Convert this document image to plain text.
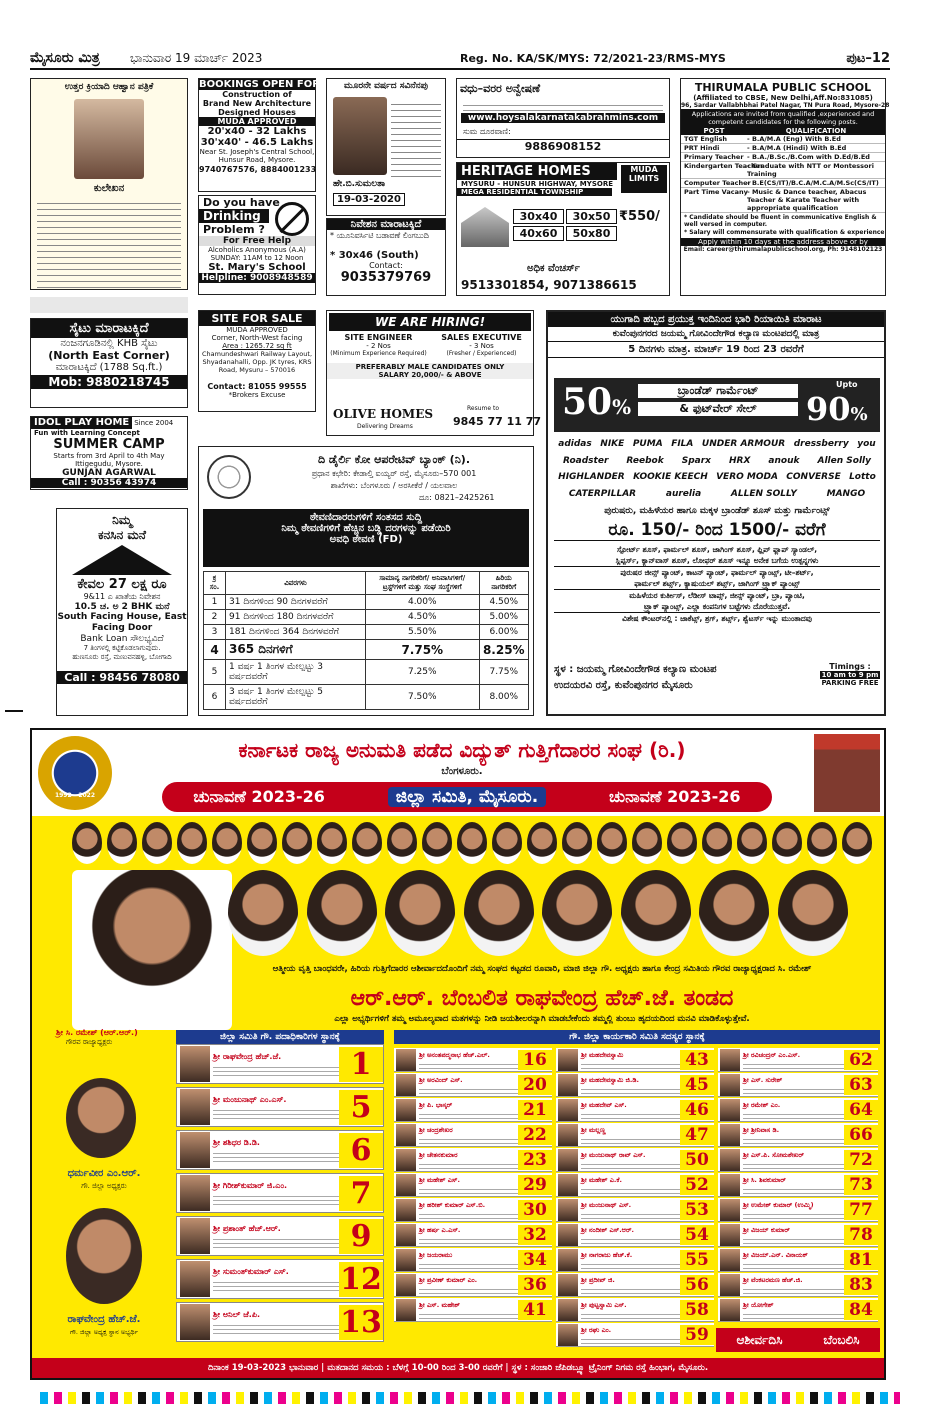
ಮೈಸೂರು ಮಿತ್ರ	ಭಾನುವಾರ 19 ಮಾರ್ಚ್ 2023	Reg. No. KA/SK/MYS: 72/2021-23/RMS-MYS	ಪುಟ–12
ಉತ್ತರ ಕ್ರಿಯಾದಿ ಆಹ್ವಾನ ಪತ್ರಿಕೆ
ಕುಲೇಖನ
BOOKINGS OPEN FOR
Construction of
Brand New Architecture
Designed Houses
MUDA APPROVED
20'x40 - 32 Lakhs
30'x40' - 46.5 Lakhs
Near St. Joseph's Central School, Hunsur Road, Mysore.
9740767576, 8884001233
Do you have
Drinking
Problem ?
For Free Help
Alcoholics Anonymous (A.A)
SUNDAY: 11AM to 12 Noon
St. Mary's School
Helpline: 9008948589
ಮೂರನೇ ವರ್ಷದ ಸವಿನೆನಪು
ಹೇ.ಬಿ.ಸುಮಲತಾ
19-03-2020
ನಿವೇಶನ ಮಾರಾಟಕ್ಕಿದೆ
* ಯೂನಿವರ್ಸಿಟಿ ಬಡಾವಣೆ ಲಿಂಗಬುದಿ
* 30x46 (South)
Contact:
9035379769
ವಧು–ವರರ ಅನ್ವೇಷಣೆ
www.hoysalakarnatakabrahmins.com
ಸುಮ ದೂರವಾಣಿ:
9886908152
HERITAGE HOMES	MUDA LIMITS
MYSURU - HUNSUR HIGHWAY, MYSORE
MEGA RESIDENTIAL TOWNSHIP
30x40	30x50
40x60	50x80
₹550/
ಅಧಿಕ ವೆಂಚರ್ಸ್
9513301854, 9071386615
THIRUMALA PUBLIC SCHOOL
(Affiliated to CBSE, New Delhi,Aff.No:831085)
96, Sardar Vallabhbhai Patel Nagar, TN Pura Road, Mysore-28
Applications are invited from qualified ,experienced and competent candidates for the following posts.
POST	QUALIFICATION
TGT English	- B.A/M.A (Eng) With B.Ed
PRT Hindi	- B.A/M.A (Hindi) With B.Ed
Primary Teacher - B.A./B.Sc./B.Com with D.Ed/B.Ed
Kindergarten Teacher
- Graduate with NTT or Montessori Training
Computer Teacher
- B.E(CS/IT)/B.C.A/M.C.A/M.Sc(CS/IT)
Part Time Vacany - Music & Dance teacher, Abacus Teacher & Karate Teacher with appropriate qualification
* Candidate should be fluent in communicative English & well versed in computer.
* Salary will commensurate with qualification & experience
Apply within 10 days at the address above or by
Email: career@thirumalapublicschool.org, Ph: 9148102123
ಸೈಟು ಮಾರಾಟಕ್ಕಿದೆ
ನಂಜನಗೂಡಿನಲ್ಲಿ KHB ಸೈಟು
(North East Corner)
ಮಾರಾಟಕ್ಕಿದೆ (1788 Sq.ft.)
Mob: 9880218745
IDOL PLAY HOME Since 2004
Fun with Learning Concept
SUMMER CAMP
Starts from 3rd April to 4th May
Ittigegudu, Mysore.
GUNJAN AGARWAL
Call : 90356 43974
ನಿಮ್ಮ
ಕನಸಿನ ಮನೆ
ಕೇವಲ 27 ಲಕ್ಷ ರೂ
9&11 ಎ ಖಾತೆಯ ನಿವೇಶನ
10.5 ಚ. ಅ 2 BHK ಮನೆ
South Facing House, East Facing Door
Bank Loan ಸೌಲಭ್ಯವಿದೆ
7 ತಿಂಗಳಲ್ಲಿ ಕಟ್ಟಿಕೊಡಲಾಗುವುದು.
ಹುಣಸೂರು ರಸ್ತೆ, ಮಣುವನಹಳ್ಳಿ, ಬೋಗಾದಿ
Call : 98456 78080
SITE FOR SALE
MUDA APPROVED
Corner, North-West facing
Area : 1265.72 sq ft
Chamundeshwari Railway Layout, Shyadanahalli, Opp. JK tyres, KRS Road, Mysuru – 570016
Contact: 81055 99555
*Brokers Excuse
WE ARE HIRING!
SITE ENGINEER
- 2 Nos
(Minimum Experience Required)
SALES EXECUTIVE
- 3 Nos
(Fresher / Experienced)
PREFERABLY MALE CANDIDATES ONLY
SALARY 20,000/- & ABOVE
OLIVE HOMES
Delivering Dreams
Resume to
9845 77 11 77
ದಿ ಡೈರ್ಲಿ ಕೋ ಆಪರೇಟಿವ್ ಬ್ಯಾಂಕ್ (ನಿ).
ಪ್ರಧಾನ ಕಛೇರಿ: ಕೇಡಾಲ್ತಿ ಐಯ್ಯರ್ ರಸ್ತೆ, ಮೈಸೂರು–570 001
ಶಾಖೆಗಳು: ಬೆಂಗಳೂರು / ಅರಸೀಕೆರೆ / ಯಲವಾಲ
ದೂ: 0821–2425261
ಠೇವಣಿದಾರರುಗಳಿಗೆ ಸಂತಸದ ಸುದ್ದಿ
ನಿಮ್ಮ ಠೇವಣಿಗಳಿಗೆ ಹೆಚ್ಚಿನ ಬಡ್ಡಿ ದರಗಳನ್ನು ಪಡೆಯಿರಿ
ಅವಧಿ ಠೇವಣಿ (FD)
ಕ್ರ ಸಂ.	ವಿವರಗಳು	ಸಾಮಾನ್ಯ ನಾಗರಿಕರಿಗೆ/ ಅನಿವಾಸಿಗಳಿಗೆ/ಟ್ರಸ್ಟ್‌ಗಳಿಗೆ ಮತ್ತು ಸಂಘ ಸಂಸ್ಥೆಗಳಿಗೆ	ಹಿರಿಯ ನಾಗರಿಕರಿಗೆ
1	31 ದಿನಗಳಿಂದ 90 ದಿನಗಳವರೆಗೆ	4.00%	4.50%
2	91 ದಿನಗಳಿಂದ 180 ದಿನಗಳವರೆಗೆ	4.50%	5.00%
3	181 ದಿನಗಳಿಂದ 364 ದಿನಗಳವರೆಗೆ	5.50%	6.00%
4	365 ದಿನಗಳಿಗೆ	7.75%	8.25%
5	1 ವರ್ಷ 1 ತಿಂಗಳ ಮೇಲ್ಪಟ್ಟು 3 ವರ್ಷದವರೆಗೆ	7.25%	7.75%
6	3 ವರ್ಷ 1 ತಿಂಗಳ ಮೇಲ್ಪಟ್ಟು 5 ವರ್ಷದವರೆಗೆ	7.50%	8.00%
ಯುಗಾದಿ ಹಬ್ಬದ ಪ್ರಯುಕ್ತ ಇಂದಿನಿಂದ ಭಾರಿ ರಿಯಾಯಿತಿ ಮಾರಾಟ
ಕುವೆಂಪುನಗರದ ಜಯಮ್ಮ ಗೋವಿಂದೇಗೌಡ ಕಲ್ಯಾಣ ಮಂಟಪದಲ್ಲಿ ಮಾತ್ರ
5 ದಿನಗಳು ಮಾತ್ರ. ಮಾರ್ಚ್ 19 ರಿಂದ 23 ರವರೆಗೆ
50%
ಬ್ರಾಂಡೆಡ್ ಗಾರ್ಮೆಂಟ್
& ಫುಟ್‌ವೇರ್ ಸೇಲ್
Upto
90%
adidas NIKE PUMA FILA UNDER ARMOUR dressberry you
Roadster	Reebok	Sparx	HRX	anouk	Allen Solly
HIGHLANDER KOOKIE KEECH VERO MODA CONVERSE Lotto
CATERPILLAR	aurelia	ALLEN SOLLY	MANGO
ಪುರುಷರು, ಮಹಿಳೆಯರ ಹಾಗೂ ಮಕ್ಕಳ ಬ್ರಾಂಡೆಡ್ ಶೂಸ್ ಮತ್ತು ಗಾರ್ಮೆಂಟ್ಸ್
ರೂ. 150/- ರಿಂದ 1500/- ವರೆಗೆ
ಸ್ಪೋರ್ಟ್ ಶೂಸ್, ಫಾರ್ಮಲ್ ಶೂಸ್, ಜಾಗಿಂಗ್ ಶೂಸ್, ಫ್ಲಿಪ್ ಫ್ಲಾಪ್ ಸ್ಯಾಂಡಲ್,
ಸ್ಲಿಪ್ಪರ್ಸ್, ಕ್ಯಾನ್‌ವಾಸ್ ಶೂಸ್, ಲೋಫರ್ ಶೂಸ್ ಇನ್ನೂ ಅನೇಕ ಬಗೆಯ ಉತ್ಪನ್ನಗಳು
ಪುರುಷರ ಜೀನ್ಸ್ ಪ್ಯಾಂಟ್, ಕಾಟನ್ ಪ್ಯಾಂಟ್, ಫಾರ್ಮಲ್ ಪ್ಯಾಂಟ್ಸ್, ಟೀ–ಶರ್ಟ್,
ಫಾರ್ಮಲ್ ಶರ್ಟ್ಸ್, ಕ್ಯಾಷುಯಲ್ ಶರ್ಟ್ಸ್, ಜಾಗಿಂಗ್ ಟ್ರ್ಯಾಕ್ ಪ್ಯಾಂಟ್ಸ್
ಮಹಿಳೆಯರ ಕುರ್ತೀಸ್, ಲೆಡೀಸ್ ಟಾಪ್ಸ್, ಜೀನ್ಸ್ ಪ್ಯಾಂಟ್, ಬ್ರಾ, ಪ್ಯಾಂಟಿ,
ಟ್ರ್ಯಾಕ್ ಪ್ಯಾಂಟ್ಸ್, ಎಲ್ಲಾ ಕಂಪನಿಗಳ ಬಟ್ಟೆಗಳು ದೊರೆಯುತ್ತವೆ.
ವಿಶೇಷ ಕೌಂಟರ್‌ನಲ್ಲಿ : ಜಾಕೆಟ್ಸ್, ಶ್ರಗ್, ಶರ್ಟ್ಸ್, ಶ್ವೆಟರ್ಸ್ ಇನ್ನು ಮುಂತಾದವು
ಸ್ಥಳ : ಜಯಮ್ಮ ಗೋವಿಂದೇಗೌಡ ಕಲ್ಯಾಣ ಮಂಟಪ
ಉದಯರವಿ ರಸ್ತೆ, ಕುವೆಂಪುನಗರ ಮೈಸೂರು
Timings :
10 am to 9 pm
PARKING FREE
1992 - 2022
ಕರ್ನಾಟಕ ರಾಜ್ಯ ಅನುಮತಿ ಪಡೆದ ವಿದ್ಯುತ್ ಗುತ್ತಿಗೆದಾರರ ಸಂಘ (ರಿ.)
ಬೆಂಗಳೂರು.
ಚುನಾವಣೆ 2023-26	ಜಿಲ್ಲಾ ಸಮಿತಿ, ಮೈಸೂರು.	ಚುನಾವಣೆ 2023-26
ಆತ್ಮೀಯ ವೃತ್ತಿ ಬಾಂಧವರೇ, ಹಿರಿಯ ಗುತ್ತಿಗೆದಾರರ ಆಶೀರ್ವಾದದೊಂದಿಗೆ ನಮ್ಮ ಸಂಘದ ಕಟ್ಟಡದ ರೂವಾರಿ, ಮಾಜಿ ಜಿಲ್ಲಾ ಗೌ. ಅಧ್ಯಕ್ಷರು ಹಾಗೂ ಕೇಂದ್ರ ಸಮಿತಿಯ ಗೌರವ ರಾಜ್ಯಾಧ್ಯಕ್ಷರಾದ ಸಿ. ರಮೇಶ್
ಆರ್.ಆರ್. ಬೆಂಬಲಿತ ರಾಘವೇಂದ್ರ ಹೆಚ್.ಜೆ. ತಂಡದ
ಎಲ್ಲಾ ಅಭ್ಯರ್ಥಿಗಳಿಗೆ ತಮ್ಮ ಅಮೂಲ್ಯವಾದ ಮತಗಳನ್ನು ನೀಡಿ ಜಯಶೀಲರನ್ನಾಗಿ ಮಾಡಬೇಕೆಂದು ತಮ್ಮಲ್ಲಿ ತುಂಬು ಹೃದಯದಿಂದ ಮನವಿ ಮಾಡಿಕೊಳ್ಳುತ್ತೇವೆ.
ಶ್ರೀ ಸಿ. ರಮೇಶ್ (ಆರ್.ಆರ್.)
ಗೌರವ ರಾಜ್ಯಾಧ್ಯಕ್ಷರು
ಧರ್ಮವೀರ ಎಂ.ಆರ್.
ಗೌ. ಜಿಲ್ಲಾ ಅಧ್ಯಕ್ಷರು
ರಾಘವೇಂದ್ರ ಹೆಚ್.ಜೆ.
ಗೌ. ಜಿಲ್ಲಾ ಅಧ್ಯಕ್ಷ ಸ್ಥಾನ ಅಭ್ಯರ್ಥಿ
ಜಿಲ್ಲಾ ಸಮಿತಿ ಗೌ. ಪದಾಧಿಕಾರಿಗಳ ಸ್ಥಾನಕ್ಕೆ
ಶ್ರೀ ರಾಘವೇಂದ್ರ ಹೆಚ್.ಜೆ.	1
ಶ್ರೀ ಮಂಜುನಾಥ್ ಎಂ.ಎಸ್.	5
ಶ್ರೀ ಶಶಿಧರ ಡಿ.ಡಿ.	6
ಶ್ರೀ ಗಿರೀಶ್‌ಕುಮಾರ್ ಜಿ.ಎಂ.	7
ಶ್ರೀ ಪ್ರಶಾಂತ್ ಹೆಚ್.ಆರ್.	9
ಶ್ರೀ ಸುಮಂತ್‌ಕುಮಾರ್ ಎಸ್.	12
ಶ್ರೀ ಅನಿಲ್ ಜೆ.ಪಿ.	13
ಗೌ. ಜಿಲ್ಲಾ ಕಾರ್ಯಕಾರಿ ಸಮಿತಿ ಸದಸ್ಯರ ಸ್ಥಾನಕ್ಕೆ
ಶ್ರೀ ಅನಂತಪದ್ಮನಾಭ ಹೆಚ್.ಎಲ್.	16
ಶ್ರೀ ಅರವಿಂದ್ ಎಸ್.	20
ಶ್ರೀ ಪಿ. ಭಾಸ್ಕರ್	21
ಶ್ರೀ ಚಂದ್ರಶೇಖರ	22
ಶ್ರೀ ಚೇತನಕುಮಾರ	23
ಶ್ರೀ ಮಹೇಶ್ ಎಸ್.	29
ಶ್ರೀ ಹರೀಶ್ ಕುಮಾರ್ ಎಸ್.ಬಿ.	30
ಶ್ರೀ ಹರ್ಷ ಎ.ಎಸ್.	32
ಶ್ರೀ ಜಯರಾಮು	34
ಶ್ರೀ ಪ್ರವೀಣ್ ಕುಮಾರ್ ಎಂ.	36
ಶ್ರೀ ಎಸ್. ಮಹೇಶ್	41
ಶ್ರೀ ಮಹದೇವಸ್ವಾಮಿ	43
ಶ್ರೀ ಮಹದೇವಸ್ವಾಮಿ ಜಿ.ಡಿ.	45
ಶ್ರೀ ಮಹದೇವ್ ಎಸ್.	46
ಶ್ರೀ ಮಲ್ಲಣ್ಣ	47
ಶ್ರೀ ಮಂಜುನಾಥ್ ರಾವ್ ಎಸ್.	50
ಶ್ರೀ ಮಹೇಶ್ ಎ.ಕೆ.	52
ಶ್ರೀ ಮಂಜುನಾಥ್ ಎಸ್.	53
ಶ್ರೀ ನಂದೀಶ್ ಎಸ್.ಆರ್.	54
ಶ್ರೀ ನಾಗರಾಜು ಹೆಚ್.ಕೆ.	55
ಶ್ರೀ ಪ್ರದೀಪ್ ಜಿ.	56
ಶ್ರೀ ಪುಟ್ಟಸ್ವಾಮಿ ಎಸ್.	58
ಶ್ರೀ ರಘು ಎಂ.	59
ಶ್ರೀ ರವಿಚಂದ್ರನ್ ಎಂ.ಎಸ್.	62
ಶ್ರೀ ಎಸ್. ಸುರೇಶ್	63
ಶ್ರೀ ರಮೇಶ್ ಎಂ.	64
ಶ್ರೀ ಶ್ರೀನಿವಾಸ ಡಿ.	66
ಶ್ರೀ ಎಸ್.ಪಿ. ಸೋಮಶೇಖರ್	72
ಶ್ರೀ ಸಿ. ಶಿವಕುಮಾರ್	73
ಶ್ರೀ ಉಮೇಶ್ ಕುಮಾರ್ (ಉಮ್ಮಿ)	77
ಶ್ರೀ ವಿಜಯ್ ಕುಮಾರ್	78
ಶ್ರೀ ವಿಜಯ್.ಎನ್. ವಿನಾಯಕ್	81
ಶ್ರೀ ವೆಂಕಟರಮಣ ಹೆಚ್.ಜಿ.	83
ಶ್ರೀ ಯೋಗೇಶ್	84
ಆಶೀರ್ವದಿಸಿ	ಬೆಂಬಲಿಸಿ
ದಿನಾಂಕ 19-03-2023 ಭಾನುವಾರ | ಮತದಾನದ ಸಮಯ : ಬೆಳಗ್ಗೆ 10-00 ರಿಂದ 3-00 ರವರೆಗೆ | ಸ್ಥಳ : ಸಂಜಾರಿ ಜೆಪಿಡಬ್ಲ್ಯೂ ಟ್ರೈನಿಂಗ್ ನಿಗಮ ರಸ್ತೆ ಹಿಂಭಾಗ, ಮೈಸೂರು.
